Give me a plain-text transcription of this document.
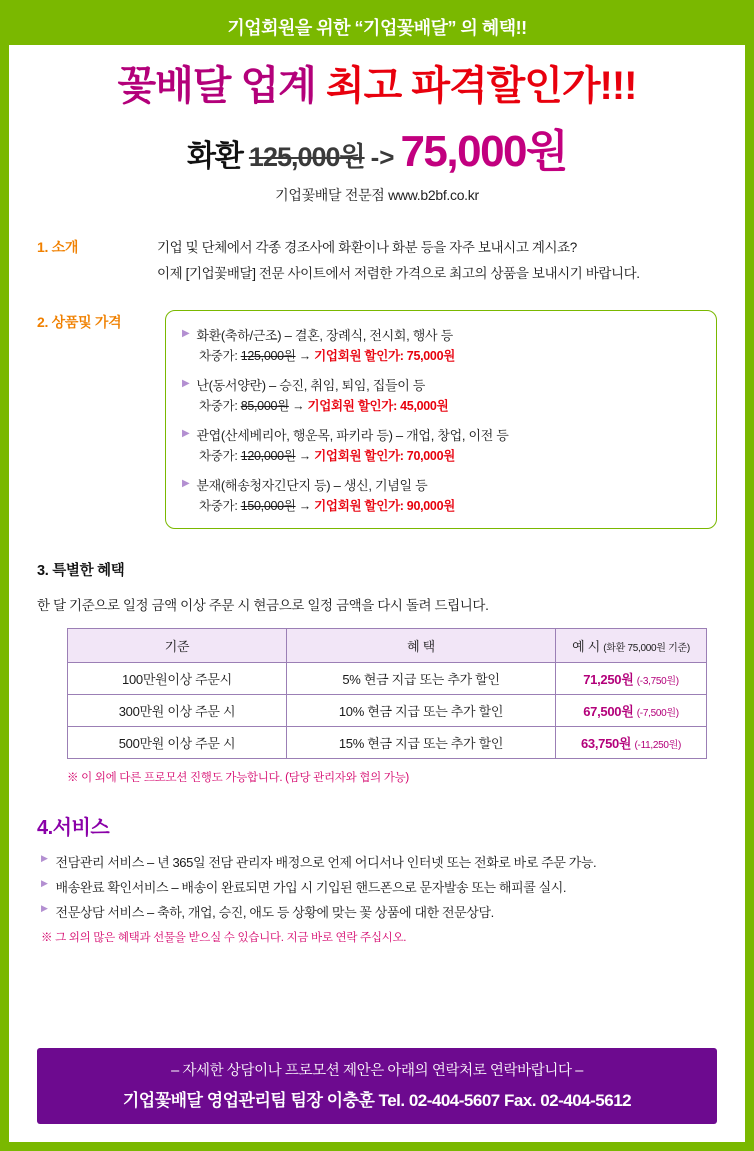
기업회원을 위한 “기업꽃배달” 의 혜택!!
꽃배달 업계 최고 파격할인가!!!
화환 125,000원 -> 75,000원
기업꽃배달 전문점 www.b2bf.co.kr
1. 소개	기업 및 단체에서 각종 경조사에 화환이나 화분 등을 자주 보내시고 계시죠?
이제 [기업꽃배달] 전문 사이트에서 저렴한 가격으로 최고의 상품을 보내시기 바랍니다.
2. 상품및 가격
▶ 화환(축하/근조) – 결혼, 장례식, 전시회, 행사 등
차중가: 125,000원 → 기업회원 할인가: 75,000원
▶ 난(동서양란) – 승진, 취임, 퇴임, 집들이 등
차중가: 85,000원 → 기업회원 할인가: 45,000원
▶ 관엽(산세베리아, 행운목, 파키라 등) – 개업, 창업, 이전 등
차중가: 120,000원 → 기업회원 할인가: 70,000원
▶ 분재(해송청자긴단지 등) – 생신, 기념일 등
차중가: 150,000원 → 기업회원 할인가: 90,000원
3. 특별한 혜택
한 달 기준으로 일정 금액 이상 주문 시 현금으로 일정 금액을 다시 돌려 드립니다.
기준	혜 택	예 시 (화환 75,000원 기준)
100만원이상 주문시	5% 현금 지급 또는 추가 할인	71,250원 (-3,750원)
300만원 이상 주문 시	10% 현금 지급 또는 추가 할인	67,500원 (-7,500원)
500만원 이상 주문 시	15% 현금 지급 또는 추가 할인	63,750원 (-11,250원)
※ 이 외에 다른 프로모션 진행도 가능합니다. (담당 관리자와 협의 가능)
4.서비스
▶ 전담관리 서비스 – 년 365일 전담 관리자 배정으로 언제 어디서나 인터넷 또는 전화로 바로 주문 가능.
▶ 배송완료 확인서비스 – 배송이 완료되면 가입 시 기입된 핸드폰으로 문자발송 또는 해피콜 실시.
▶ 전문상담 서비스 – 축하, 개업, 승진, 애도 등 상황에 맞는 꽃 상품에 대한 전문상담.
※ 그 외의 많은 혜택과 선물을 받으실 수 있습니다. 지금 바로 연락 주십시오.
– 자세한 상담이나 프로모션 제안은 아래의 연락처로 연락바랍니다 –
기업꽃배달 영업관리팀 팀장 이충훈 Tel. 02-404-5607 Fax. 02-404-5612
